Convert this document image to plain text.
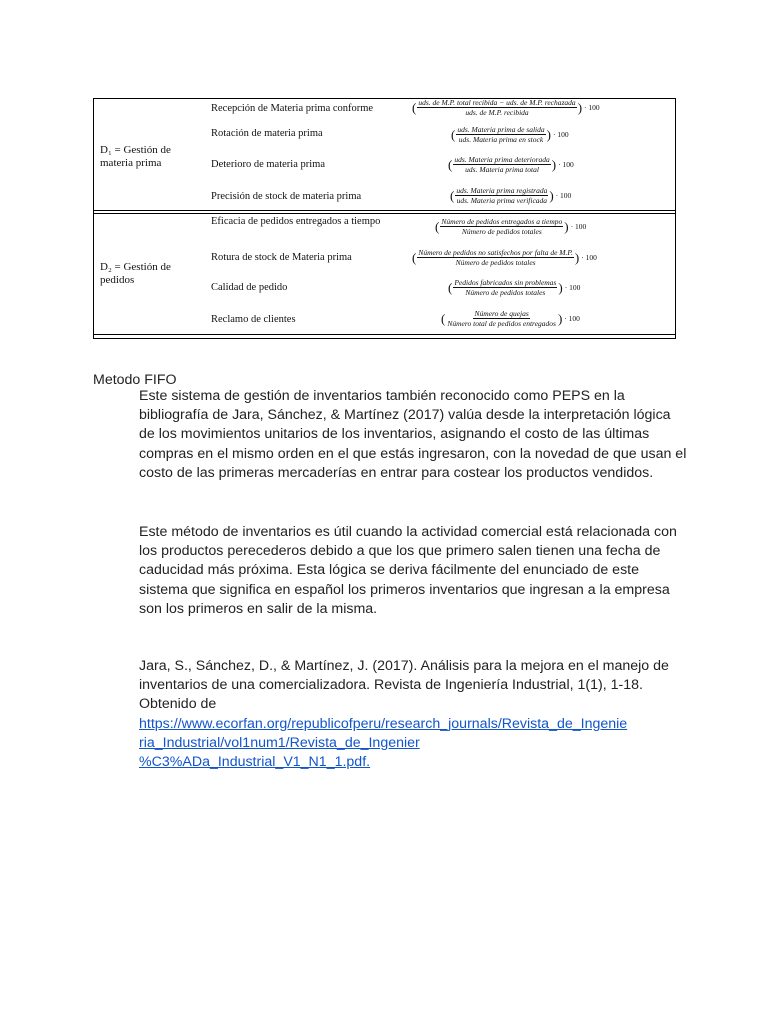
D₁ = Gestión de materia prima
D₂ = Gestión de pedidos
Recepción de Materia prima conforme
Rotación de materia prima
Deterioro de materia prima
Precisión de stock de materia prima
Eficacia de pedidos entregados a tiempo
Rotura de stock de Materia prima
Calidad de pedido
Reclamo de clientes
( $\frac{\text{uds. de M.P. total recibida − uds. de M.P. rechazada}}{\text{uds. de M.P. recibida}}$ ) · 100
( $\frac{\text{uds. Materia prima de salida}}{\text{uds. Materia prima en stock}}$ ) · 100
( $\frac{\text{uds. Materia prima deteriorada}}{\text{uds. Materia prima total}}$ ) · 100
( $\frac{\text{uds. Materia prima registrada}}{\text{uds. Materia prima verificada}}$ ) · 100
( $\frac{\text{Número de pedidos entregados a tiempo}}{\text{Número de pedidos totales}}$ ) · 100
( $\frac{\text{Número de pedidos no satisfechos por falta de M.P.}}{\text{Número de pedidos totales}}$ ) · 100
( $\frac{\text{Pedidos fabricados sin problemas}}{\text{Número de pedidos totales}}$ ) · 100
( $\frac{\text{Número de quejas}}{\text{Número total de pedidos entregados}}$ ) · 100
Metodo FIFO

Este sistema de gestión de inventarios también reconocido como PEPS en la bibliografía de Jara, Sánchez, & Martínez (2017) valúa desde la interpretación lógica de los movimientos unitarios de los inventarios, asignando el costo de las últimas compras en el mismo orden en el que estás ingresaron, con la novedad de que usan el costo de las primeras mercaderías en entrar para costear los productos vendidos.

Este método de inventarios es útil cuando la actividad comercial está relacionada con los productos perecederos debido a que los que primero salen tienen una fecha de caducidad más próxima. Esta lógica se deriva fácilmente del enunciado de este sistema que significa en español los primeros inventarios que ingresan a la empresa son los primeros en salir de la misma.

Jara, S., Sánchez, D., & Martínez, J. (2017). Análisis para la mejora en el manejo de inventarios de una comercializadora. Revista de Ingeniería Industrial, 1(1), 1-18. Obtenido de
https://www.ecorfan.org/republicofperu/research_journals/Revista_de_Ingenie
ria_Industrial/vol1num1/Revista_de_Ingenier
%C3%ADa_Industrial_V1_N1_1.pdf.
